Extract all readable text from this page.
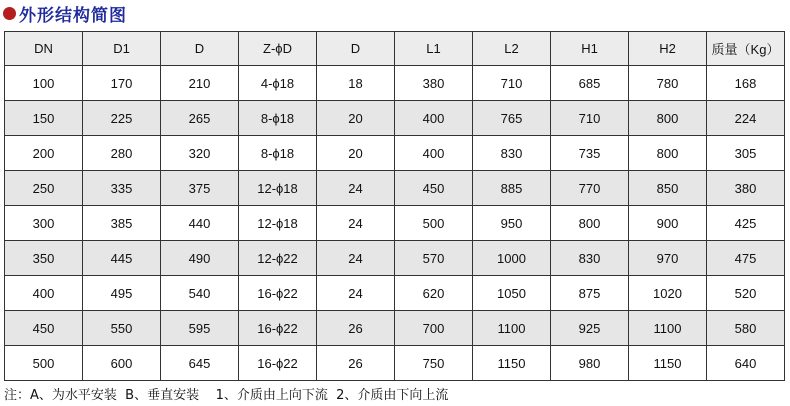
外形结构简图
DN	D1	D	Z-ϕD	D	L1	L2	H1	H2	质量（Kg）
100	170	210	4-ϕ18	18	380	710	685	780	168
150	225	265	8-ϕ18	20	400	765	710	800	224
200	280	320	8-ϕ18	20	400	830	735	800	305
250	335	375	12-ϕ18	24	450	885	770	850	380
300	385	440	12-ϕ18	24	500	950	800	900	425
350	445	490	12-ϕ22	24	570	1000	830	970	475
400	495	540	16-ϕ22	24	620	1050	875	1020	520
450	550	595	16-ϕ22	26	700	1100	925	1100	580
500	600	645	16-ϕ22	26	750	1150	980	1150	640
注：A、为水平安装  B、垂直安装    1、介质由上向下流  2、介质由下向上流
